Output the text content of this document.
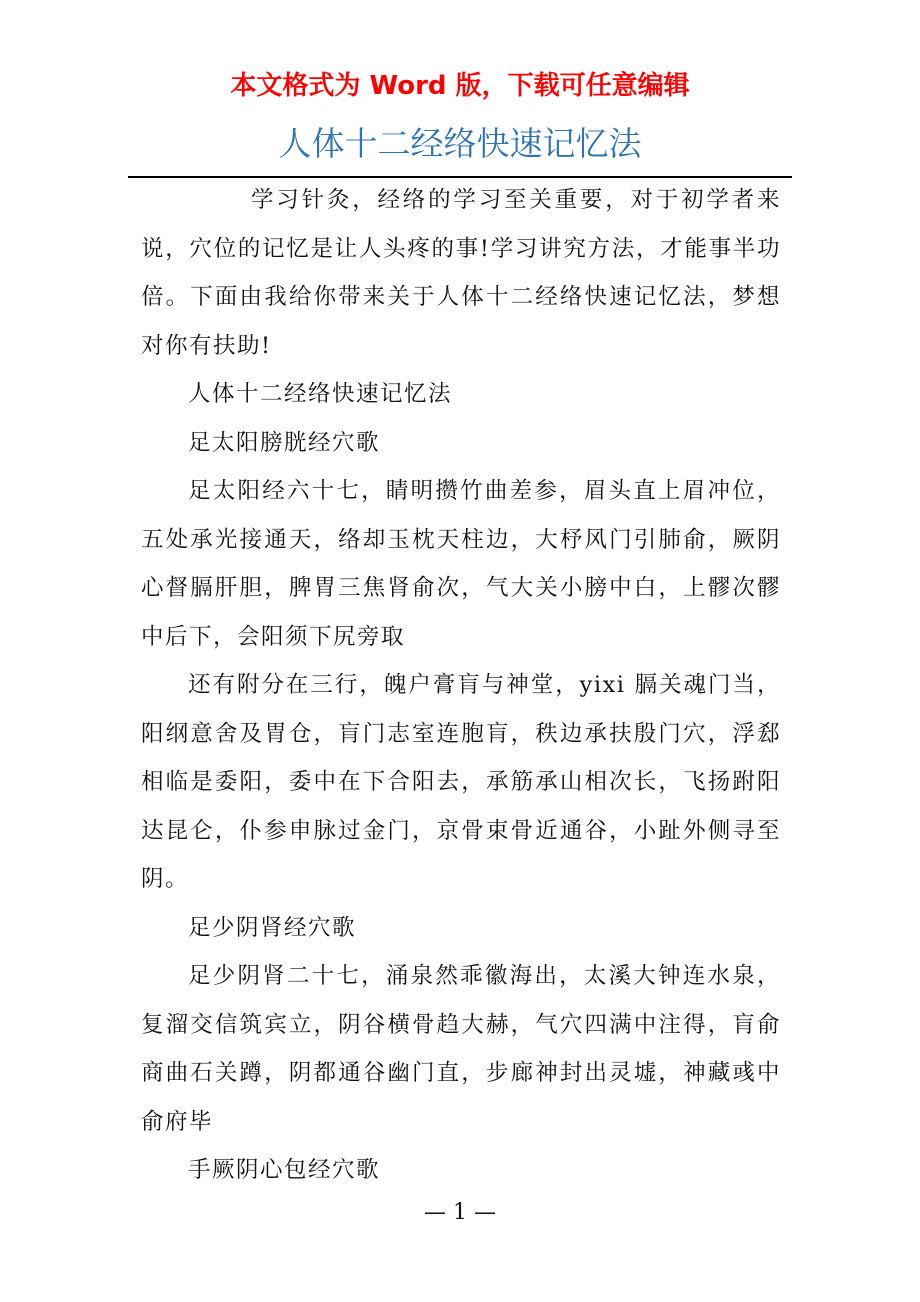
本文格式为 Word 版，下载可任意编辑
人体十二经络快速记忆法

学习针灸，经络的学习至关重要，对于初学者来说，穴位的记忆是让人头疼的事!学习讲究方法，才能事半功倍。下面由我给你带来关于人体十二经络快速记忆法，梦想对你有扶助!

人体十二经络快速记忆法

足太阳膀胱经穴歌

足太阳经六十七，睛明攒竹曲差参，眉头直上眉冲位，五处承光接通天，络却玉枕天柱边，大杼风门引肺俞，厥阴心督膈肝胆，脾胃三焦肾俞次，气大关小膀中白，上髎次髎中后下，会阳须下尻旁取

还有附分在三行，魄户膏肓与神堂，yixi 膈关魂门当，阳纲意舍及胃仓，肓门志室连胞肓，秩边承扶殷门穴，浮郄相临是委阳，委中在下合阳去，承筋承山相次长，飞扬跗阳达昆仑，仆参申脉过金门，京骨束骨近通谷，小趾外侧寻至阴。

足少阴肾经穴歌

足少阴肾二十七，涌泉然乖徽海出，太溪大钟连水泉，复溜交信筑宾立，阴谷横骨趋大赫，气穴四满中注得，肓俞商曲石关蹲，阴都通谷幽门直，步廊神封出灵墟，神藏彧中俞府毕

手厥阴心包经穴歌

— 1 —
